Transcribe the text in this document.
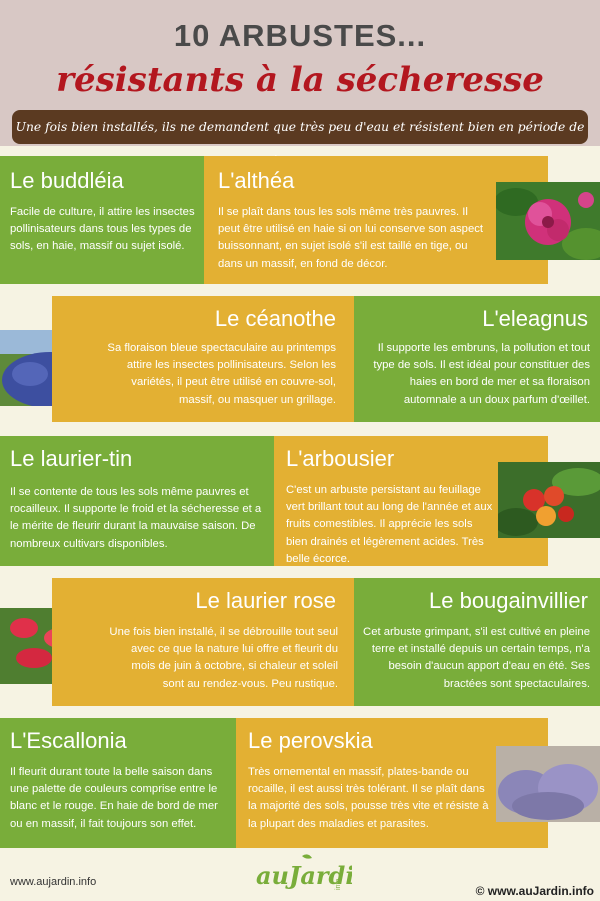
10 ARBUSTES...
résistants à la sécheresse
Une fois bien installés, ils ne demandent que très peu d'eau et résistent bien en période de
Le buddléia
Facile de culture, il attire les insectes pollinisateurs dans tous les types de sols, en haie, massif ou sujet isolé.
L'althéa
Il se plaît dans tous les sols même très pauvres. Il peut être utilisé en haie si on lui conserve son aspect buissonnant, en sujet isolé s'il est taillé en tige, ou dans un massif, en fond de décor.
Le céanothe
Sa floraison bleue spectaculaire au printemps attire les insectes pollinisateurs. Selon les variétés, il peut être utilisé en couvre-sol, massif, ou masquer un grillage.
L'eleagnus
Il supporte les embruns, la pollution et tout type de sols. Il est idéal pour constituer des haies en bord de mer et sa floraison automnale a un doux parfum d'œillet.
Le laurier-tin
Il se contente de tous les sols même pauvres et rocailleux. Il supporte le froid et la sécheresse et a le mérite de fleurir durant la mauvaise saison. De nombreux cultivars disponibles.
L'arbousier
C'est un arbuste persistant au feuillage vert brillant tout au long de l'année et aux fruits comestibles. Il apprécie les sols bien drainés et légèrement acides. Très belle écorce.
Le laurier rose
Une fois bien installé, il se débrouille tout seul avec ce que la nature lui offre et fleurit du mois de juin à octobre, si chaleur et soleil sont au rendez-vous. Peu rustique.
Le bougainvillier
Cet arbuste grimpant, s'il est cultivé en pleine terre et installé depuis un certain temps, n'a besoin d'aucun apport d'eau en été. Ses bractées sont spectaculaires.
L'Escallonia
Il fleurit durant toute la belle saison dans une palette de couleurs comprise entre le blanc et le rouge. En haie de bord de mer ou en massif, il fait toujours son effet.
Le perovskia
Très ornemental en massif, plates-bande ou rocaille, il est aussi très tolérant. Il se plaît dans la majorité des sols, pousse très vite et résiste à la plupart des maladies et parasites.
www.aujardin.info	auJard
info	© www.auJardin.info
